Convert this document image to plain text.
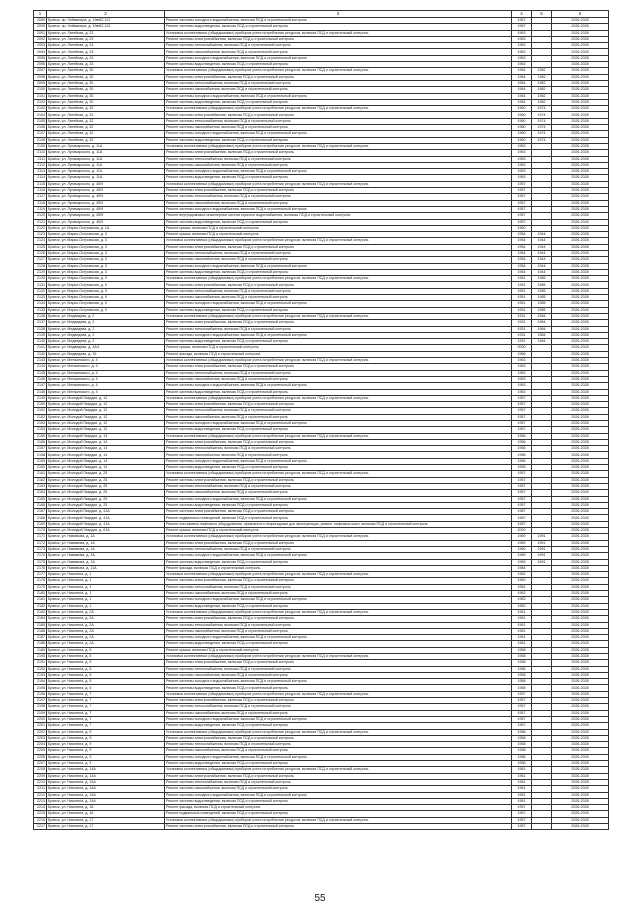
1	2	3	4	5	6
2089	Брянск, пр. Хейминера, д. 19в/62-112	Ремонт системы холодного водоснабжения, включая ПСД и строительный контроль	1967		2026-2028
2090	Брянск, пр. Хейминера, д. 19в/62-112	Ремонт системы водоотведения, включая ПСД и строительный контроль	1967		2026-2028
2091	Брянск, ул. Литейная, д. 23	Установка коллективных (общедомовых) приборов учета потребления ресурсов, включая ПСД и строительный контроль	1963		2026-2028
2092	Брянск, ул. Литейная, д. 23	Ремонт системы электроснабжения, включая ПСД и строительный контроль	1963		2026-2028
2093	Брянск, ул. Литейная, д. 23	Ремонт системы теплоснабжения, включая ПСД и строительный контроль	1963		2026-2028
2094	Брянск, ул. Литейная, д. 23	Ремонт системы газоснабжения, включая ПСД и строительный контроль	1963		2026-2028
2095	Брянск, ул. Литейная, д. 23	Ремонт системы холодного водоснабжения, включая ПСД и строительный контроль	1963		2026-2028
2096	Брянск, ул. Литейная, д. 23	Ремонт системы водоотведения, включая ПСД и строительный контроль	1963		2026-2028
2097	Брянск, ул. Литейная, д. 30	Установка коллективных (общедомовых) приборов учета потребления ресурсов, включая ПСД и строительный контроль	1964	1982	2026-2028
2098	Брянск, ул. Литейная, д. 30	Ремонт системы электроснабжения, включая ПСД и строительный контроль	1964	1982	2026-2028
2099	Брянск, ул. Литейная, д. 30	Ремонт системы теплоснабжения, включая ПСД и строительный контроль	1964	1982	2026-2028
2100	Брянск, ул. Литейная, д. 30	Ремонт системы газоснабжения, включая ПСД и строительный контроль	1964	1982	2026-2028
2101	Брянск, ул. Литейная, д. 30	Ремонт системы холодного водоснабжения, включая ПСД и строительный контроль	1964	1982	2026-2028
2102	Брянск, ул. Литейная, д. 30	Ремонт системы водоотведения, включая ПСД и строительный контроль	1964	1982	2026-2028
2103	Брянск, ул. Литейная, д. 32	Установка коллективных (общедомовых) приборов учета потребления ресурсов, включая ПСД и строительный контроль	1960	1974	2026-2028
2104	Брянск, ул. Литейная, д. 32	Ремонт системы электроснабжения, включая ПСД и строительный контроль	1960	1974	2026-2028
2105	Брянск, ул. Литейная, д. 32	Ремонт системы теплоснабжения, включая ПСД и строительный контроль	1960	1974	2026-2028
2106	Брянск, ул. Литейная, д. 32	Ремонт системы газоснабжения, включая ПСД и строительный контроль	1960	1974	2026-2028
2107	Брянск, ул. Литейная, д. 32	Ремонт системы холодного водоснабжения, включая ПСД и строительный контроль	1960	1974	2026-2028
2108	Брянск, ул. Литейная, д. 32	Ремонт системы водоотведения, включая ПСД и строительный контроль	1960	1974	2026-2028
2109	Брянск, ул. Луначарского, д. 11А	Установка коллективных (общедомовых) приборов учета потребления ресурсов, включая ПСД и строительный контроль	1963		2026-2028
2110	Брянск, ул. Луначарского, д. 11А	Ремонт системы электроснабжения, включая ПСД и строительный контроль	1963		2026-2028
2111	Брянск, ул. Луначарского, д. 11А	Ремонт системы теплоснабжения, включая ПСД и строительный контроль	1963		2026-2028
2112	Брянск, ул. Луначарского, д. 11А	Ремонт системы газоснабжения, включая ПСД и строительный контроль	1963		2026-2028
2113	Брянск, ул. Луначарского, д. 11А	Ремонт системы холодного водоснабжения, включая ПСД и строительный контроль	1963		2026-2028
2114	Брянск, ул. Луначарского, д. 11А	Ремонт системы водоотведения, включая ПСД и строительный контроль	1963		2026-2028
2115	Брянск, ул. Луначарского, д. 45/9	Установка коллективных (общедомовых) приборов учета потребления ресурсов, включая ПСД и строительный контроль	1957		2026-2028
2116	Брянск, ул. Луначарского, д. 45/9	Ремонт системы электроснабжения, включая ПСД и строительный контроль	1957		2026-2028
2117	Брянск, ул. Луначарского, д. 45/9	Ремонт системы теплоснабжения, включая ПСД и строительный контроль	1957		2026-2028
2118	Брянск, ул. Луначарского, д. 45/9	Ремонт системы газоснабжения, включая ПСД и строительный контроль	1957		2026-2028
2119	Брянск, ул. Луначарского, д. 45/9	Ремонт системы холодного водоснабжения, включая ПСД и строительный контроль	1957		2026-2028
2120	Брянск, ул. Луначарского, д. 45/9	Ремонт внутридомовых инженерных систем горячего водоснабжения, включая ПСД и строительный контроль	1957		2026-2028
2121	Брянск, ул. Луначарского, д. 45/9	Ремонт системы водоотведения, включая ПСД и строительный контроль	1957		2026-2028
2122	Брянск, ул. Марко-Островская, д. 1А	Ремонт крыши, включая ПСД и строительный контроль	1960		2026-2028
2123	Брянск, ул. Марко-Островская, д. 3	Ремонт крыши, включая ПСД и строительный контроль	1954	1944	2026-2028
2124	Брянск, ул. Марко-Островская, д. 3	Установка коллективных (общедомовых) приборов учета потребления ресурсов, включая ПСД и строительный контроль	1954	1944	2026-2028
2125	Брянск, ул. Марко-Островская, д. 3	Ремонт системы электроснабжения, включая ПСД и строительный контроль	1954	1944	2026-2028
2126	Брянск, ул. Марко-Островская, д. 3	Ремонт системы теплоснабжения, включая ПСД и строительный контроль	1954	1944	2026-2028
2127	Брянск, ул. Марко-Островская, д. 3	Ремонт системы газоснабжения, включая ПСД и строительный контроль	1954	1944	2026-2028
2128	Брянск, ул. Марко-Островская, д. 3	Ремонт системы холодного водоснабжения, включая ПСД и строительный контроль	1954	1944	2026-2028
2129	Брянск, ул. Марко-Островская, д. 3	Ремонт системы водоотведения, включая ПСД и строительный контроль	1954	1944	2026-2028
2130	Брянск, ул. Марко-Островская, д. 9	Установка коллективных (общедомовых) приборов учета потребления ресурсов, включая ПСД и строительный контроль	1951	1985	2026-2028
2131	Брянск, ул. Марко-Островская, д. 9	Ремонт системы электроснабжения, включая ПСД и строительный контроль	1951	1985	2026-2028
2132	Брянск, ул. Марко-Островская, д. 9	Ремонт системы теплоснабжения, включая ПСД и строительный контроль	1951	1985	2026-2028
2133	Брянск, ул. Марко-Островская, д. 9	Ремонт системы газоснабжения, включая ПСД и строительный контроль	1951	1985	2026-2028
2134	Брянск, ул. Марко-Островская, д. 9	Ремонт системы холодного водоснабжения, включая ПСД и строительный контроль	1951	1985	2026-2028
2135	Брянск, ул. Марко-Островская, д. 9	Ремонт системы водоотведения, включая ПСД и строительный контроль	1951	1985	2026-2028
2136	Брянск, ул. Медведева, д. 2	Установка коллективных (общедомовых) приборов учета потребления ресурсов, включая ПСД и строительный контроль	1931	1984	2026-2028
2137	Брянск, ул. Медведева, д. 2	Ремонт системы электроснабжения, включая ПСД и строительный контроль	1931	1984	2026-2028
2138	Брянск, ул. Медведева, д. 2	Ремонт системы теплоснабжения, включая ПСД и строительный контроль	1931	1984	2026-2028
2139	Брянск, ул. Медведева, д. 2	Ремонт системы холодного водоснабжения, включая ПСД и строительный контроль	1931	1984	2026-2028
2140	Брянск, ул. Медведева, д. 2	Ремонт системы водоотведения, включая ПСД и строительный контроль	1931	1984	2026-2028
2141	Брянск, ул. Медведева, д. 3А/1	Ремонт крыши, включая ПСД и строительный контроль	2000		2026-2028
2142	Брянск, ул. Медведева, д. 15	Ремонт фасада, включая ПСД и строительный контроль	1966		2026-2028
2143	Брянск, ул. Менжинского, д. 4	Установка коллективных (общедомовых) приборов учета потребления ресурсов, включая ПСД и строительный контроль	1963		2026-2028
2144	Брянск, ул. Менжинского, д. 4	Ремонт системы электроснабжения, включая ПСД и строительный контроль	1963		2026-2028
2145	Брянск, ул. Менжинского, д. 4	Ремонт системы теплоснабжения, включая ПСД и строительный контроль	1963		2026-2028
2146	Брянск, ул. Менжинского, д. 4	Ремонт системы газоснабжения, включая ПСД и строительный контроль	1963		2026-2028
2147	Брянск, ул. Менжинского, д. 4	Ремонт системы холодного водоснабжения, включая ПСД и строительный контроль	1963		2026-2028
2148	Брянск, ул. Менжинского, д. 4	Ремонт системы водоотведения, включая ПСД и строительный контроль	1963		2026-2028
2149	Брянск, ул. Молодой Гвардии, д. 12	Установка коллективных (общедомовых) приборов учета потребления ресурсов, включая ПСД и строительный контроль	1957		2026-2028
2150	Брянск, ул. Молодой Гвардии, д. 12	Ремонт системы электроснабжения, включая ПСД и строительный контроль	1957		2026-2028
2151	Брянск, ул. Молодой Гвардии, д. 12	Ремонт системы теплоснабжения, включая ПСД и строительный контроль	1957		2026-2028
2152	Брянск, ул. Молодой Гвардии, д. 12	Ремонт системы газоснабжения, включая ПСД и строительный контроль	1957		2026-2028
2153	Брянск, ул. Молодой Гвардии, д. 12	Ремонт системы холодного водоснабжения, включая ПСД и строительный контроль	1957		2026-2028
2154	Брянск, ул. Молодой Гвардии, д. 12	Ремонт системы водоотведения, включая ПСД и строительный контроль	1957		2026-2028
2155	Брянск, ул. Молодой Гвардии, д. 14	Установка коллективных (общедомовых) приборов учета потребления ресурсов, включая ПСД и строительный контроль	1956		2026-2028
2156	Брянск, ул. Молодой Гвардии, д. 14	Ремонт системы электроснабжения, включая ПСД и строительный контроль	1956		2026-2028
2157	Брянск, ул. Молодой Гвардии, д. 14	Ремонт системы теплоснабжения, включая ПСД и строительный контроль	1956		2026-2028
2158	Брянск, ул. Молодой Гвардии, д. 14	Ремонт системы газоснабжения, включая ПСД и строительный контроль	1956		2026-2028
2159	Брянск, ул. Молодой Гвардии, д. 14	Ремонт системы холодного водоснабжения, включая ПСД и строительный контроль	1956		2026-2028
2160	Брянск, ул. Молодой Гвардии, д. 14	Ремонт системы водоотведения, включая ПСД и строительный контроль	1956		2026-2028
2161	Брянск, ул. Молодой Гвардии, д. 25	Установка коллективных (общедомовых) приборов учета потребления ресурсов, включая ПСД и строительный контроль	1957		2026-2028
2162	Брянск, ул. Молодой Гвардии, д. 25	Ремонт системы электроснабжения, включая ПСД и строительный контроль	1957		2026-2028
2163	Брянск, ул. Молодой Гвардии, д. 25	Ремонт системы теплоснабжения, включая ПСД и строительный контроль	1957		2026-2028
2164	Брянск, ул. Молодой Гвардии, д. 25	Ремонт системы газоснабжения, включая ПСД и строительный контроль	1957		2026-2028
2165	Брянск, ул. Молодой Гвардии, д. 25	Ремонт системы холодного водоснабжения, включая ПСД и строительный контроль	1957		2026-2028
2166	Брянск, ул. Молодой Гвардии, д. 25	Ремонт системы водоотведения, включая ПСД и строительный контроль	1957		2026-2028
2167	Брянск, ул. Молодой Гвардии, д. 41А	Ремонт системы электроснабжения, включая ПСД и строительный контроль	1987		2026-2028
2168	Брянск, ул. Молодой Гвардии, д. 41А	Ремонт подвальных помещений, включая ПСД и строительный контроль	1987		2026-2028
2169	Брянск, ул. Молодой Гвардии, д. 41А	Ремонт или замена лифтового оборудования, признанного непригодным для эксплуатации, ремонт лифтовых шахт, включая ПСД и строительный контроль	1987		2026-2028
2170	Брянск, ул. Молодой Гвардии, д. 61А	Ремонт крыши, включая ПСД и строительный контроль	2000		2026-2028
2171	Брянск, ул. Навимова, д. 1А	Установка коллективных (общедомовых) приборов учета потребления ресурсов, включая ПСД и строительный контроль	1969	1991	2026-2028
2172	Брянск, ул. Навимова, д. 1А	Ремонт системы электроснабжения, включая ПСД и строительный контроль	1969	1991	2026-2028
2173	Брянск, ул. Навимова, д. 1А	Ремонт системы теплоснабжения, включая ПСД и строительный контроль	1969	1991	2026-2028
2174	Брянск, ул. Навимова, д. 1А	Ремонт системы холодного водоснабжения, включая ПСД и строительный контроль	1969	1991	2026-2028
2175	Брянск, ул. Навимова, д. 1А	Ремонт системы водоотведения, включая ПСД и строительный контроль	1969	1991	2026-2028
2176	Брянск, ул. Навимова, д. 11А	Ремонт фасада, включая ПСД и строительный контроль	1984		2026-2028
2177	Брянск, ул. Никитина, д. 1	Установка коллективных (общедомовых) приборов учета потребления ресурсов, включая ПСД и строительный контроль	1962		2026-2028
2178	Брянск, ул. Никитина, д. 1	Ремонт системы электроснабжения, включая ПСД и строительный контроль	1962		2026-2028
2179	Брянск, ул. Никитина, д. 1	Ремонт системы теплоснабжения, включая ПСД и строительный контроль	1962		2026-2028
2180	Брянск, ул. Никитина, д. 1	Ремонт системы газоснабжения, включая ПСД и строительный контроль	1962		2026-2028
2181	Брянск, ул. Никитина, д. 1	Ремонт системы холодного водоснабжения, включая ПСД и строительный контроль	1962		2026-2028
2182	Брянск, ул. Никитина, д. 1	Ремонт системы водоотведения, включая ПСД и строительный контроль	1962		2026-2028
2183	Брянск, ул. Никитина, д. 2А	Установка коллективных (общедомовых) приборов учета потребления ресурсов, включая ПСД и строительный контроль	1961		2026-2028
2184	Брянск, ул. Никитина, д. 2А	Ремонт системы электроснабжения, включая ПСД и строительный контроль	1961		2026-2028
2185	Брянск, ул. Никитина, д. 2А	Ремонт системы теплоснабжения, включая ПСД и строительный контроль	1961		2026-2028
2186	Брянск, ул. Никитина, д. 2А	Ремонт системы газоснабжения, включая ПСД и строительный контроль	1961		2026-2028
2187	Брянск, ул. Никитина, д. 2А	Ремонт системы холодного водоснабжения, включая ПСД и строительный контроль	1961		2026-2028
2188	Брянск, ул. Никитина, д. 2А	Ремонт системы водоотведения, включая ПСД и строительный контроль	1961		2026-2028
2189	Брянск, ул. Никитина, д. 5	Ремонт крыши, включая ПСД и строительный контроль	1958		2026-2028
2190	Брянск, ул. Никитина, д. 5	Установка коллективных (общедомовых) приборов учета потребления ресурсов, включая ПСД и строительный контроль	1958		2026-2028
2191	Брянск, ул. Никитина, д. 5	Ремонт системы электроснабжения, включая ПСД и строительный контроль	1958		2026-2028
2192	Брянск, ул. Никитина, д. 5	Ремонт системы теплоснабжения, включая ПСД и строительный контроль	1958		2026-2028
2193	Брянск, ул. Никитина, д. 5	Ремонт системы газоснабжения, включая ПСД и строительный контроль	1958		2026-2028
2194	Брянск, ул. Никитина, д. 5	Ремонт системы холодного водоснабжения, включая ПСД и строительный контроль	1958		2026-2028
2195	Брянск, ул. Никитина, д. 5	Ремонт системы водоотведения, включая ПСД и строительный контроль	1958		2026-2028
2196	Брянск, ул. Никитина, д. 7	Установка коллективных (общедомовых) приборов учета потребления ресурсов, включая ПСД и строительный контроль	1957		2026-2028
2197	Брянск, ул. Никитина, д. 7	Ремонт системы электроснабжения, включая ПСД и строительный контроль	1957		2026-2028
2198	Брянск, ул. Никитина, д. 7	Ремонт системы теплоснабжения, включая ПСД и строительный контроль	1957		2026-2028
2199	Брянск, ул. Никитина, д. 7	Ремонт системы газоснабжения, включая ПСД и строительный контроль	1957		2026-2028
2200	Брянск, ул. Никитина, д. 7	Ремонт системы холодного водоснабжения, включая ПСД и строительный контроль	1957		2026-2028
2201	Брянск, ул. Никитина, д. 7	Ремонт системы водоотведения, включая ПСД и строительный контроль	1957		2026-2028
2202	Брянск, ул. Никитина, д. 9	Установка коллективных (общедомовых) приборов учета потребления ресурсов, включая ПСД и строительный контроль	1958		2026-2028
2203	Брянск, ул. Никитина, д. 9	Ремонт системы электроснабжения, включая ПСД и строительный контроль	1958		2026-2028
2204	Брянск, ул. Никитина, д. 9	Ремонт системы теплоснабжения, включая ПСД и строительный контроль	1958		2026-2028
2205	Брянск, ул. Никитина, д. 9	Ремонт системы газоснабжения, включая ПСД и строительный контроль	1958		2026-2028
2206	Брянск, ул. Никитина, д. 9	Ремонт системы холодного водоснабжения, включая ПСД и строительный контроль	1958		2026-2028
2207	Брянск, ул. Никитина, д. 9	Ремонт системы водоотведения, включая ПСД и строительный контроль	1958		2026-2028
2208	Брянск, ул. Никитина, д. 14А	Установка коллективных (общедомовых) приборов учета потребления ресурсов, включая ПСД и строительный контроль	1961		2026-2028
2209	Брянск, ул. Никитина, д. 14А	Ремонт системы электроснабжения, включая ПСД и строительный контроль	1961		2026-2028
2210	Брянск, ул. Никитина, д. 14А	Ремонт системы теплоснабжения, включая ПСД и строительный контроль	1961		2026-2028
2211	Брянск, ул. Никитина, д. 14А	Ремонт системы газоснабжения, включая ПСД и строительный контроль	1961		2026-2028
2212	Брянск, ул. Никитина, д. 14А	Ремонт системы холодного водоснабжения, включая ПСД и строительный контроль	1961		2026-2028
2213	Брянск, ул. Никитина, д. 14А	Ремонт системы водоотведения, включая ПСД и строительный контроль	1961		2026-2028
2214	Брянск, ул. Никитина, д. 16	Ремонт фасада, включая ПСД и строительный контроль	1957		2026-2028
2215	Брянск, ул. Никитина, д. 16	Ремонт подвальных помещений, включая ПСД и строительный контроль	1957		2026-2028
2216	Брянск, ул. Никитина, д. 17	Установка коллективных (общедомовых) приборов учета потребления ресурсов, включая ПСД и строительный контроль	1957		2026-2028
2217	Брянск, ул. Никитина, д. 17	Ремонт системы электроснабжения, включая ПСД и строительный контроль	1957		2026-2028
55
